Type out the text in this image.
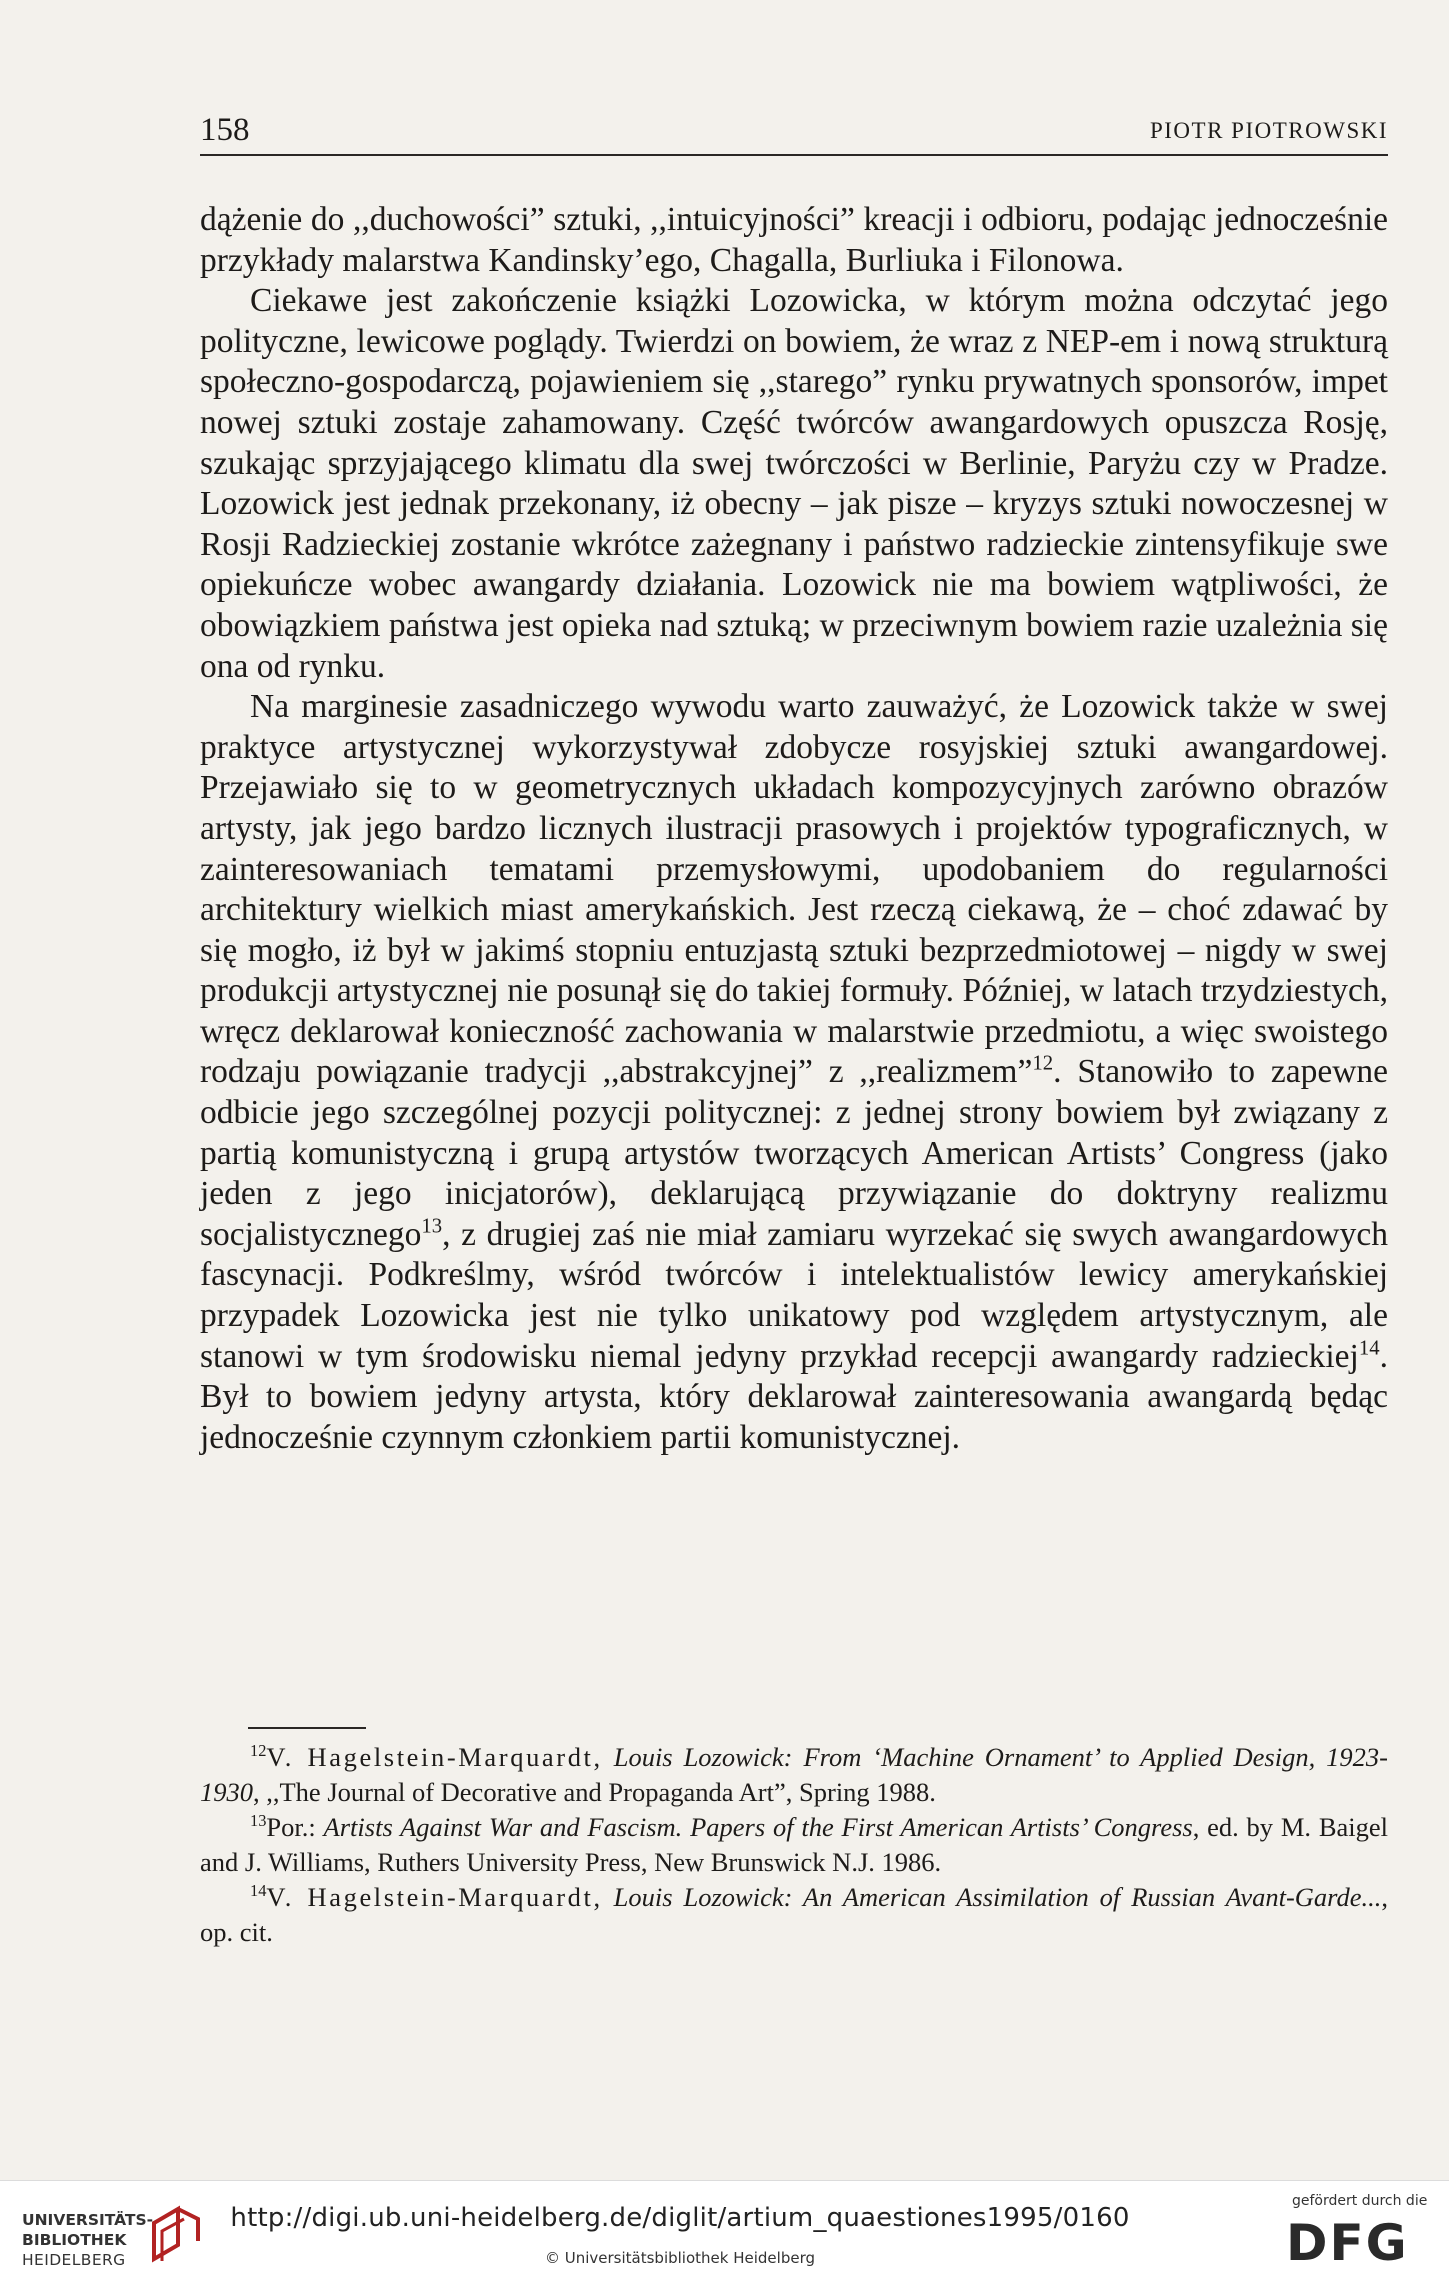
158	PIOTR PIOTROWSKI

dążenie do ,,duchowości” sztuki, ,,intuicyjności” kreacji i odbioru, podając jednocześnie przykłady malarstwa Kandinsky’ego, Chagalla, Burliuka i Filonowa.

Ciekawe jest zakończenie książki Lozowicka, w którym można odczytać jego polityczne, lewicowe poglądy. Twierdzi on bowiem, że wraz z NEP-em i nową strukturą społeczno-gospodarczą, pojawieniem się ,,starego” rynku prywatnych sponsorów, impet nowej sztuki zostaje zahamowany. Część twórców awangardowych opuszcza Rosję, szukając sprzyjającego klimatu dla swej twórczości w Berlinie, Paryżu czy w Pradze. Lozowick jest jednak przekonany, iż obecny – jak pisze – kryzys sztuki nowoczesnej w Rosji Radzieckiej zostanie wkrótce zażegnany i państwo radzieckie zintensyfikuje swe opiekuńcze wobec awangardy działania. Lozowick nie ma bowiem wątpliwości, że obowiązkiem państwa jest opieka nad sztuką; w przeciwnym bowiem razie uzależnia się ona od rynku.

Na marginesie zasadniczego wywodu warto zauważyć, że Lozowick także w swej praktyce artystycznej wykorzystywał zdobycze rosyjskiej sztuki awangardowej. Przejawiało się to w geometrycznych układach kompozycyjnych zarówno obrazów artysty, jak jego bardzo licznych ilustracji prasowych i projektów typograficznych, w zainteresowaniach tematami przemysłowymi, upodobaniem do regularności architektury wielkich miast amerykańskich. Jest rzeczą ciekawą, że – choć zdawać by się mogło, iż był w jakimś stopniu entuzjastą sztuki bezprzedmiotowej – nigdy w swej produkcji artystycznej nie posunął się do takiej formuły. Później, w latach trzydziestych, wręcz deklarował konieczność zachowania w malarstwie przedmiotu, a więc swoistego rodzaju powiązanie tradycji ,,abstrakcyjnej” z ,,realizmem”$^{12}$. Stanowiło to zapewne odbicie jego szczególnej pozycji politycznej: z jednej strony bowiem był związany z partią komunistyczną i grupą artystów tworzących American Artists’ Congress (jako jeden z jego inicjatorów), deklarującą przywiązanie do doktryny realizmu socjalistycznego$^{13}$, z drugiej zaś nie miał zamiaru wyrzekać się swych awangardowych fascynacji. Podkreślmy, wśród twórców i intelektualistów lewicy amerykańskiej przypadek Lozowicka jest nie tylko unikatowy pod względem artystycznym, ale stanowi w tym środowisku niemal jedyny przykład recepcji awangardy radzieckiej$^{14}$. Był to bowiem jedyny artysta, który deklarował zainteresowania awangardą będąc jednocześnie czynnym członkiem partii komunistycznej.

$^{12}$V. Hagelstein-Marquardt, Louis Lozowick: From ‘Machine Ornament’ to Applied Design, 1923-1930, ,,The Journal of Decorative and Propaganda Art”, Spring 1988.

$^{13}$Por.: Artists Against War and Fascism. Papers of the First American Artists’ Congress, ed. by M. Baigel and J. Williams, Ruthers University Press, New Brunswick N.J. 1986.

$^{14}$V. Hagelstein-Marquardt, Louis Lozowick: An American Assimilation of Russian Avant-Garde..., op. cit.

UNIVERSITÄTS-
BIBLIOTHEK
HEIDELBERG
http://digi.ub.uni-heidelberg.de/diglit/artium_quaestiones1995/0160
© Universitätsbibliothek Heidelberg
gefördert durch die
DFG
